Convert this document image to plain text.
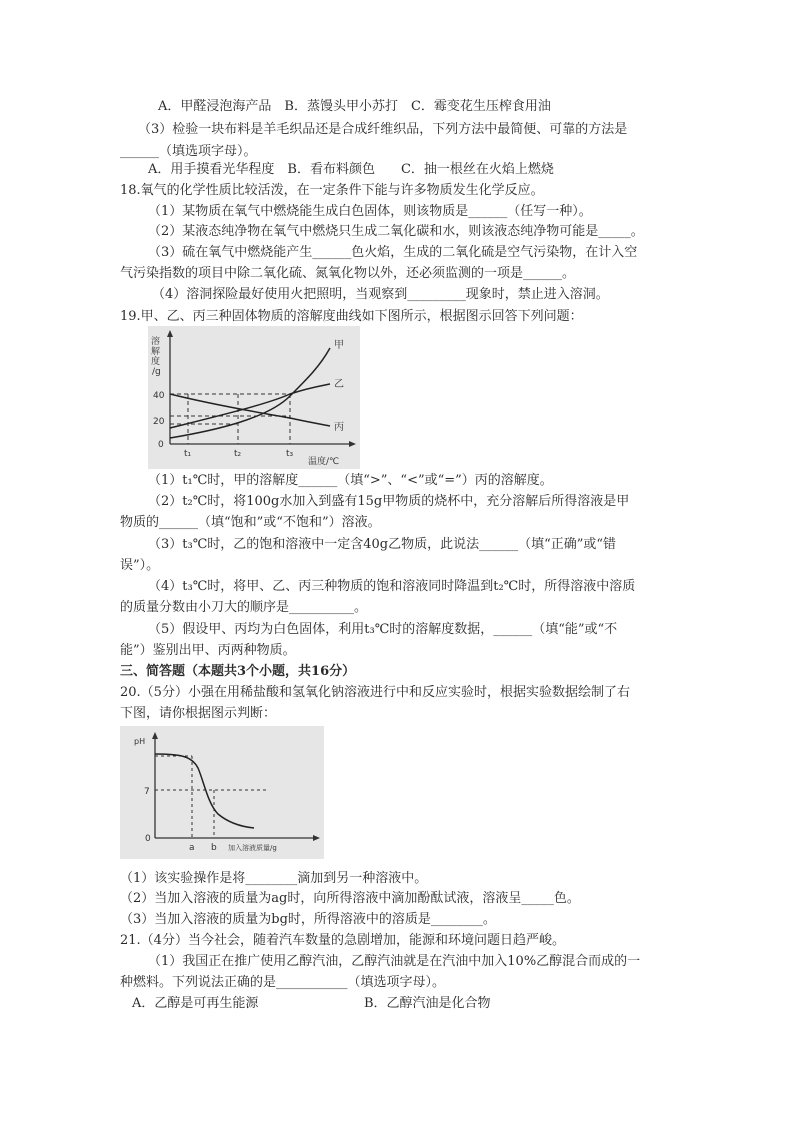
A．甲醛浸泡海产品　B．蒸馒头甲小苏打　C．霉变花生压榨食用油
（3）检验一块布料是羊毛织品还是合成纤维织品，下列方法中最简便、可靠的方法是
______（填选项字母）。
A．用手摸看光华程度　B．看布料颜色　　C．抽一根丝在火焰上燃烧
18.氧气的化学性质比较活泼，在一定条件下能与许多物质发生化学反应。
（1）某物质在氧气中燃烧能生成白色固体，则该物质是______（任写一种）。
（2）某液态纯净物在氧气中燃烧只生成二氧化碳和水，则该液态纯净物可能是_____。
（3）硫在氧气中燃烧能产生______色火焰，生成的二氧化硫是空气污染物，在计入空
气污染指数的项目中除二氧化硫、氮氧化物以外，还必须监测的一项是______。
（4）溶洞探险最好使用火把照明，当观察到_________现象时，禁止进入溶洞。
19.甲、乙、丙三种固体物质的溶解度曲线如下图所示，根据图示回答下列问题：
溶
解
度
/g
40
20
0
t₁	t₂	t₃
温度/℃
甲
乙
丙
（1）t₁℃时，甲的溶解度______（填“>”、“<”或“=”）丙的溶解度。
（2）t₂℃时，将100g水加入到盛有15g甲物质的烧杯中，充分溶解后所得溶液是甲
物质的______（填“饱和”或“不饱和”）溶液。
（3）t₃℃时，乙的饱和溶液中一定含40g乙物质，此说法______（填“正确”或“错
误”）。
（4）t₃℃时，将甲、乙、丙三种物质的饱和溶液同时降温到t₂℃时，所得溶液中溶质
的质量分数由小刀大的顺序是__________。
（5）假设甲、丙均为白色固体，利用t₃℃时的溶解度数据，______（填“能”或“不
能”）鉴别出甲、丙两种物质。
三、简答题（本题共3个小题，共16分）
20.（5分）小强在用稀盐酸和氢氧化钠溶液进行中和反应实验时，根据实验数据绘制了右
下图，请你根据图示判断：
pH
7
0
a b 加入溶液质量/g
（1）该实验操作是将________滴加到另一种溶液中。
（2）当加入溶液的质量为ag时，向所得溶液中滴加酚酞试液，溶液呈_____色。
（3）当加入溶液的质量为bg时，所得溶液中的溶质是________。
21.（4分）当今社会，随着汽车数量的急剧增加，能源和环境问题日趋严峻。
（1）我国正在推广使用乙醇汽油，乙醇汽油就是在汽油中加入10%乙醇混合而成的一
种燃料。下列说法正确的是___________（填选项字母）。
A．乙醇是可再生能源	B．乙醇汽油是化合物
